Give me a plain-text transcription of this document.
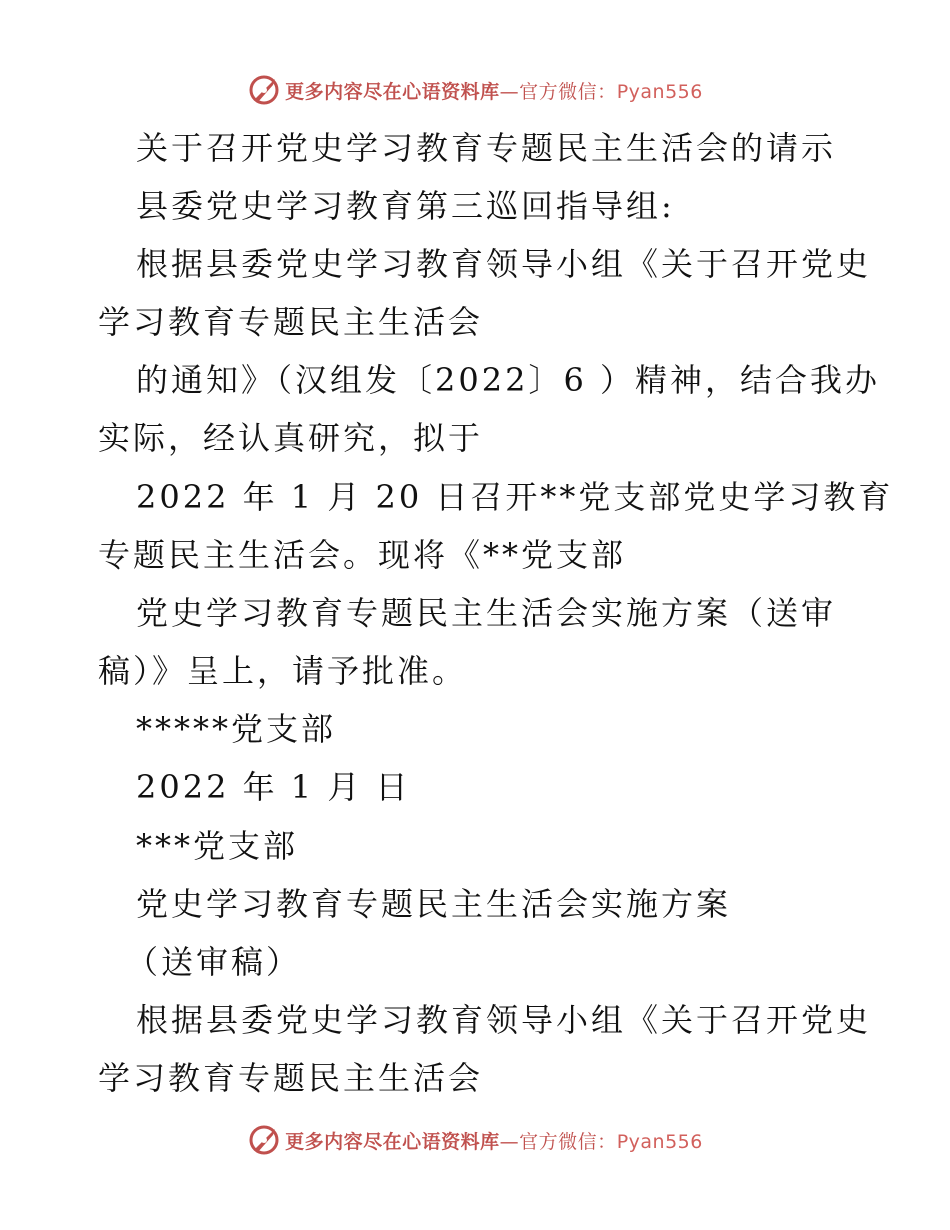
更多内容尽在心语资料库—官方微信：Pyan556
关于召开党史学习教育专题民主生活会的请示
县委党史学习教育第三巡回指导组:
根据县委党史学习教育领导小组《关于召开党史
学习教育专题民主生活会
的通知》（汉组发〔2022〕6 ）精神，结合我办
实际，经认真研究，拟于
2022 年 1 月 20 日召开**党支部党史学习教育
专题民主生活会。现将《**党支部
党史学习教育专题民主生活会实施方案（送审
稿）》呈上，请予批准。
*****党支部
2022 年 1 月 日
***党支部
党史学习教育专题民主生活会实施方案
（送审稿）
根据县委党史学习教育领导小组《关于召开党史
学习教育专题民主生活会
更多内容尽在心语资料库—官方微信：Pyan556
